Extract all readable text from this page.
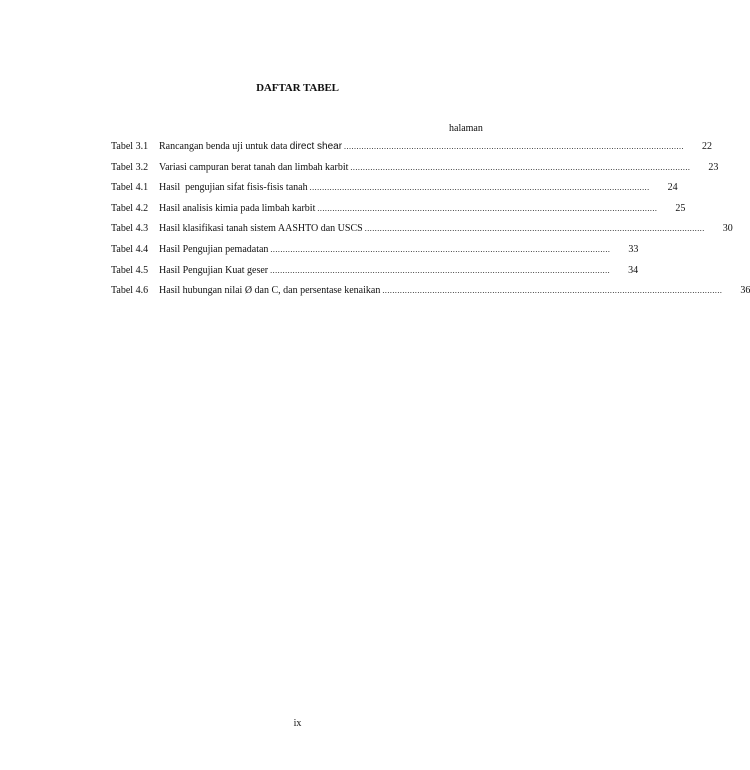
DAFTAR TABEL
halaman
Tabel 3.1	Rancangan benda uji untuk data direct shear .....	22
Tabel 3.2	Variasi campuran berat tanah dan limbah karbit .....	23
Tabel 4.1	Hasil  pengujian sifat fisis-fisis tanah .....	24
Tabel 4.2	Hasil analisis kimia pada limbah karbit .....	25
Tabel 4.3	Hasil klasifikasi tanah sistem AASHTO dan USCS .....	30
Tabel 4.4	Hasil Pengujian pemadatan .....	33
Tabel 4.5	Hasil Pengujian Kuat geser .....	34
Tabel 4.6	Hasil hubungan nilai Ø dan C, dan persentase kenaikan .....	36
ix
